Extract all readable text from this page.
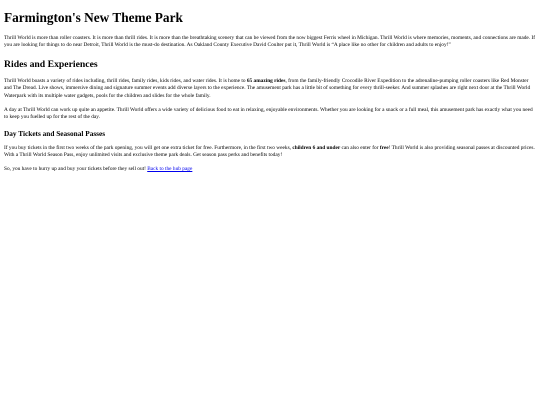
Farmington's New Theme Park

Thrill World is more than roller coasters. It is more than thrill rides. It is more than the breathtaking scenery that can be viewed from the now biggest Ferris wheel in Michigan. Thrill World is where memories, moments, and connections are made. If you are looking for things to do near Detroit, Thrill World is the must-do destination. As Oakland County Executive David Coulter put it, Thrill World is “A place like no other for children and adults to enjoy!”

Rides and Experiences

Thrill World boasts a variety of rides including, thrill rides, family rides, kids rides, and water rides. It is home to 65 amazing rides, from the family-friendly Crocodile River Expedition to the adrenaline-pumping roller coasters like Red Monster and The Dread. Live shows, immersive dining and signature summer events add diverse layers to the experience. The amusement park has a little bit of something for every thrill-seeker. And summer splashes are right next door at the Thrill World Waterpark with its multiple water gadgets, pools for the children and slides for the whole family.

A day at Thrill World can work up quite an appetite. Thrill World offers a wide variety of delicious food to eat in relaxing, enjoyable environments. Whether you are looking for a snack or a full meal, this amusement park has exactly what you need to keep you fuelled up for the rest of the day.

Day Tickets and Seasonal Passes

If you buy tickets in the first two weeks of the park opening, you will get one extra ticket for free. Furthermore, in the first two weeks, children 6 and under can also enter for free! Thrill World is also providing seasonal passes at discounted prices. With a Thrill World Season Pass, enjoy unlimited visits and exclusive theme park deals. Get season pass perks and benefits today!

So, you have to hurry up and buy your tickets before they sell out! Back to the hub page
